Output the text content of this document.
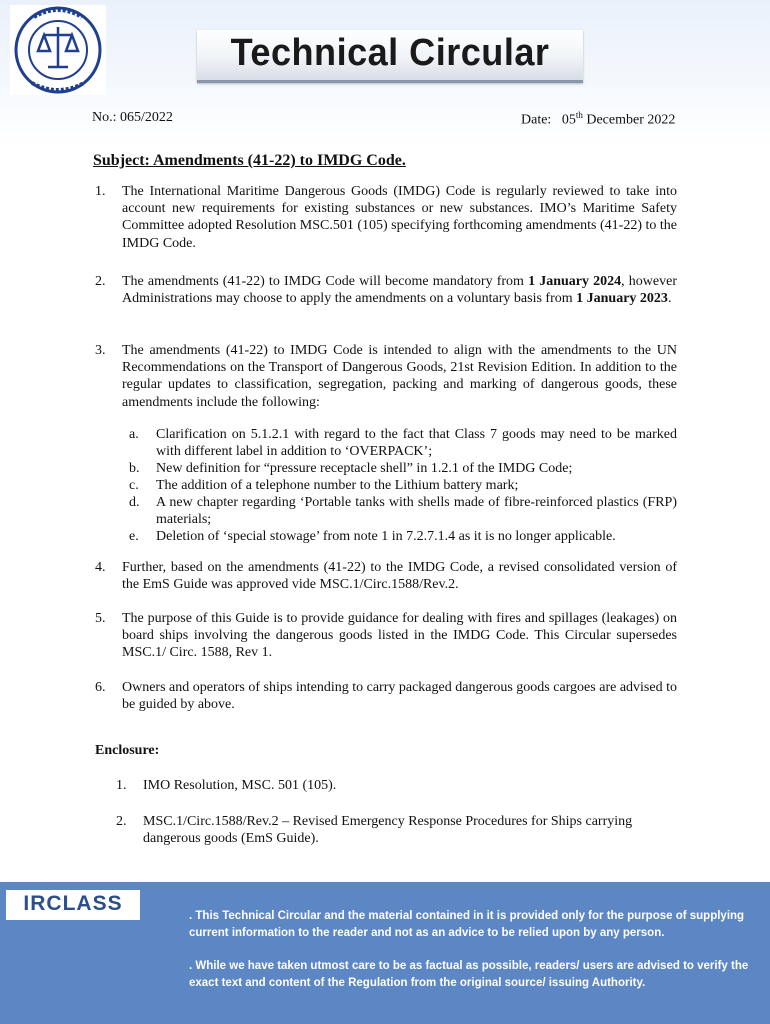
Technical Circular
No.: 065/2022	Date: 05th December 2022
Subject: Amendments (41-22) to IMDG Code.
1. The International Maritime Dangerous Goods (IMDG) Code is regularly reviewed to take into account new requirements for existing substances or new substances. IMO’s Maritime Safety Committee adopted Resolution MSC.501 (105) specifying forthcoming amendments (41-22) to the IMDG Code.
2. The amendments (41-22) to IMDG Code will become mandatory from 1 January 2024, however Administrations may choose to apply the amendments on a voluntary basis from 1 January 2023.
3. The amendments (41-22) to IMDG Code is intended to align with the amendments to the UN Recommendations on the Transport of Dangerous Goods, 21st Revision Edition. In addition to the regular updates to classification, segregation, packing and marking of dangerous goods, these amendments include the following:
a. Clarification on 5.1.2.1 with regard to the fact that Class 7 goods may need to be marked with different label in addition to ‘OVERPACK’;
b. New definition for “pressure receptacle shell” in 1.2.1 of the IMDG Code;
c. The addition of a telephone number to the Lithium battery mark;
d. A new chapter regarding ‘Portable tanks with shells made of fibre-reinforced plastics (FRP) materials;
e. Deletion of ‘special stowage’ from note 1 in 7.2.7.1.4 as it is no longer applicable.
4. Further, based on the amendments (41-22) to the IMDG Code, a revised consolidated version of the EmS Guide was approved vide MSC.1/Circ.1588/Rev.2.
5. The purpose of this Guide is to provide guidance for dealing with fires and spillages (leakages) on board ships involving the dangerous goods listed in the IMDG Code. This Circular supersedes MSC.1/ Circ. 1588, Rev 1.
6. Owners and operators of ships intending to carry packaged dangerous goods cargoes are advised to be guided by above.
Enclosure:
1. IMO Resolution, MSC. 501 (105).
2. MSC.1/Circ.1588/Rev.2 – Revised Emergency Response Procedures for Ships carrying dangerous goods (EmS Guide).
IRCLASS
. This Technical Circular and the material contained in it is provided only for the purpose of supplying current information to the reader and not as an advice to be relied upon by any person.
. While we have taken utmost care to be as factual as possible, readers/ users are advised to verify the exact text and content of the Regulation from the original source/ issuing Authority.
